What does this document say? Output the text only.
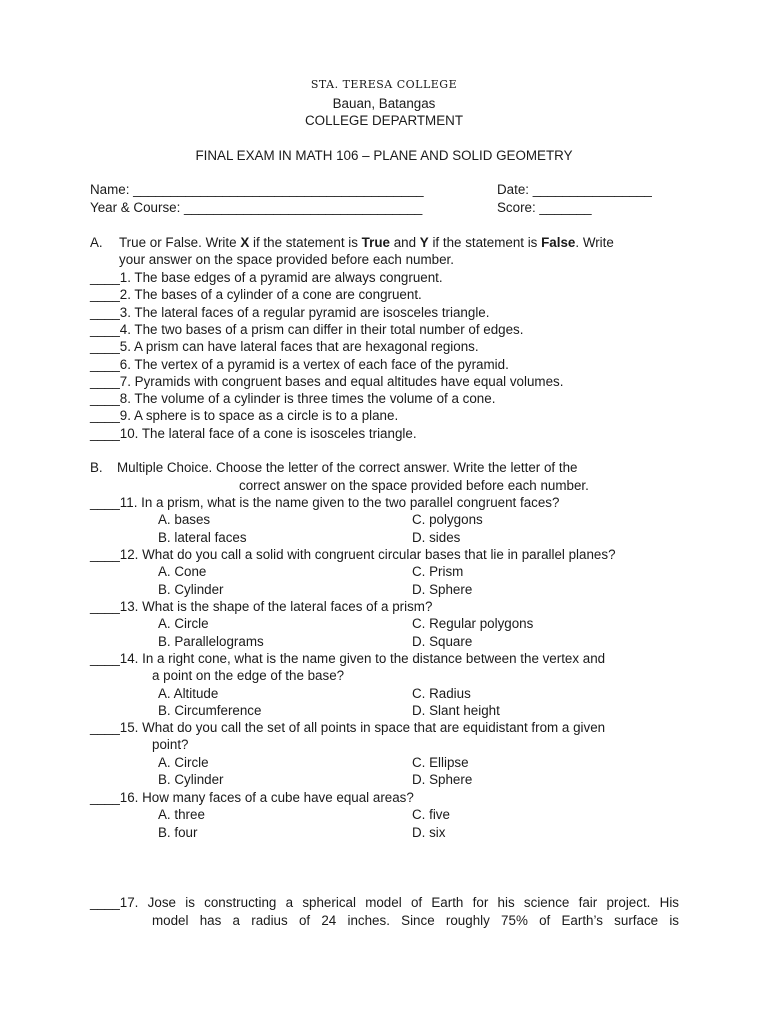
STA. TERESA COLLEGE
Bauan, Batangas
COLLEGE DEPARTMENT
FINAL EXAM IN MATH 106 – PLANE AND SOLID GEOMETRY
Name: _______________________________________	Date: ________________
Year & Course: ________________________________	Score: _______
A. True or False. Write X if the statement is True and Y if the statement is False. Write
your answer on the space provided before each number.
____1. The base edges of a pyramid are always congruent.
____2. The bases of a cylinder of a cone are congruent.
____3. The lateral faces of a regular pyramid are isosceles triangle.
____4. The two bases of a prism can differ in their total number of edges.
____5. A prism can have lateral faces that are hexagonal regions.
____6. The vertex of a pyramid is a vertex of each face of the pyramid.
____7. Pyramids with congruent bases and equal altitudes have equal volumes.
____8. The volume of a cylinder is three times the volume of a cone.
____9. A sphere is to space as a circle is to a plane.
____10. The lateral face of a cone is isosceles triangle.
B. Multiple Choice. Choose the letter of the correct answer. Write the letter of the
correct answer on the space provided before each number.
____11. In a prism, what is the name given to the two parallel congruent faces?
A. bases	C. polygons
B. lateral faces	D. sides
____12. What do you call a solid with congruent circular bases that lie in parallel planes?
A. Cone	C. Prism
B. Cylinder	D. Sphere
____13. What is the shape of the lateral faces of a prism?
A. Circle	C. Regular polygons
B. Parallelograms	D. Square
____14. In a right cone, what is the name given to the distance between the vertex and
a point on the edge of the base?
A. Altitude	C. Radius
B. Circumference	D. Slant height
____15. What do you call the set of all points in space that are equidistant from a given
point?
A. Circle	C. Ellipse
B. Cylinder	D. Sphere
____16. How many faces of a cube have equal areas?
A. three	C. five
B. four	D. six
____17. Jose is constructing a spherical model of Earth for his science fair project. His
model has a radius of 24 inches. Since roughly 75% of Earth’s surface is
